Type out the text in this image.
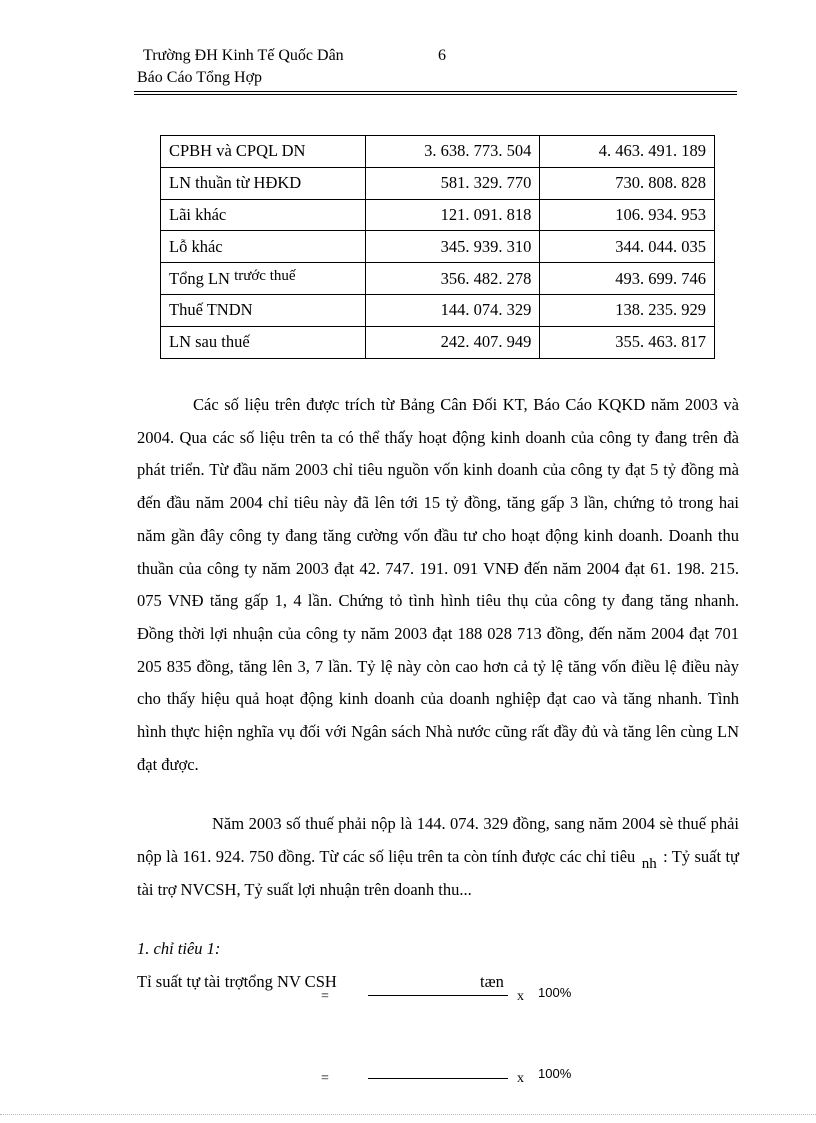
Trường ĐH Kinh Tế Quốc Dân	6
Báo Cáo Tổng Hợp
CPBH và CPQL DN	3. 638. 773. 504	4. 463. 491. 189
LN thuần từ HĐKD	581. 329. 770	730. 808. 828
Lãi khác	121. 091. 818	106. 934. 953
Lỗ khác	345. 939. 310	344. 044. 035
Tổng LN trước thuế	356. 482. 278	493. 699. 746
Thuế TNDN	144. 074. 329	138. 235. 929
LN sau thuế	242. 407. 949	355. 463. 817

Các số liệu trên được trích từ Bảng Cân Đối KT, Báo Cáo KQKD năm 2003 và 2004. Qua các số liệu trên ta có thể thấy hoạt động kinh doanh của công ty đang trên đà phát triển. Từ đầu năm 2003 chỉ tiêu nguồn vốn kinh doanh của công ty đạt 5 tỷ đồng mà đến đầu năm 2004 chỉ tiêu này đã lên tới 15 tỷ đồng, tăng gấp 3 lần, chứng tỏ trong hai năm gần đây công ty đang tăng cường vốn đầu tư cho hoạt động kinh doanh. Doanh thu thuần của công ty năm 2003 đạt 42. 747. 191. 091 VNĐ đến năm 2004 đạt 61. 198. 215. 075 VNĐ tăng gấp 1, 4 lần. Chứng tỏ tình hình tiêu thụ của công ty đang tăng nhanh. Đồng thời lợi nhuận của công ty năm 2003 đạt 188 028 713 đồng, đến năm 2004 đạt 701 205 835 đồng, tăng lên 3, 7 lần. Tỷ lệ này còn cao hơn cả tỷ lệ tăng vốn điều lệ điều này cho thấy hiệu quả hoạt động kinh doanh của doanh nghiệp đạt cao và tăng nhanh. Tình hình thực hiện nghĩa vụ đối với Ngân sách Nhà nước cũng rất đầy đủ và tăng lên cùng LN đạt được.

Năm 2003 số thuế phải nộp là 144. 074. 329 đồng, sang năm 2004 sè thuế phải nộp là 161. 924. 750 đồng. Từ các số liệu trên ta còn tính được các chỉ tiêu nh : Tỷ suất tự tài trợ NVCSH, Tỷ suất lợi nhuận trên doanh thu...

1. chỉ tiêu 1:
Tỉ suất tự tài trợtổng NV CSH	tæn
=	x 100%
=	x 100%
